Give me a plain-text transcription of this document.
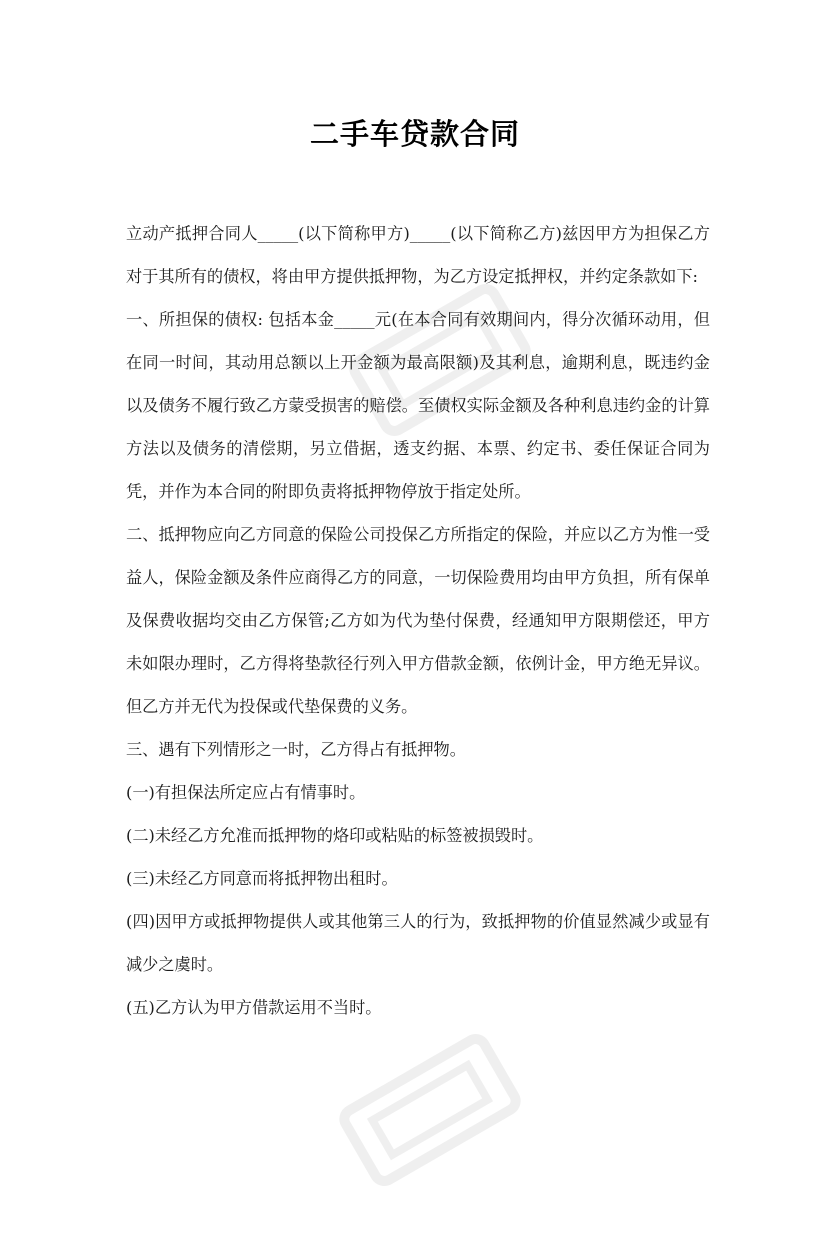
二手车贷款合同

立动产抵押合同人_____(以下简称甲方)_____(以下简称乙方)兹因甲方为担保乙方对于其所有的债权，将由甲方提供抵押物，为乙方设定抵押权，并约定条款如下:

一、所担保的债权: 包括本金_____元(在本合同有效期间内，得分次循环动用，但在同一时间，其动用总额以上开金额为最高限额)及其利息，逾期利息，既违约金以及债务不履行致乙方蒙受损害的赔偿。至债权实际金额及各种利息违约金的计算方法以及债务的清偿期，另立借据，透支约据、本票、约定书、委任保证合同为凭，并作为本合同的附即负责将抵押物停放于指定处所。

二、抵押物应向乙方同意的保险公司投保乙方所指定的保险，并应以乙方为惟一受益人，保险金额及条件应商得乙方的同意，一切保险费用均由甲方负担，所有保单及保费收据均交由乙方保管;乙方如为代为垫付保费，经通知甲方限期偿还，甲方未如限办理时，乙方得将垫款径行列入甲方借款金额，依例计金，甲方绝无异议。但乙方并无代为投保或代垫保费的义务。

三、遇有下列情形之一时，乙方得占有抵押物。

(一)有担保法所定应占有情事时。

(二)未经乙方允准而抵押物的烙印或粘贴的标签被损毁时。

(三)未经乙方同意而将抵押物出租时。

(四)因甲方或抵押物提供人或其他第三人的行为，致抵押物的价值显然减少或显有减少之虞时。

(五)乙方认为甲方借款运用不当时。
